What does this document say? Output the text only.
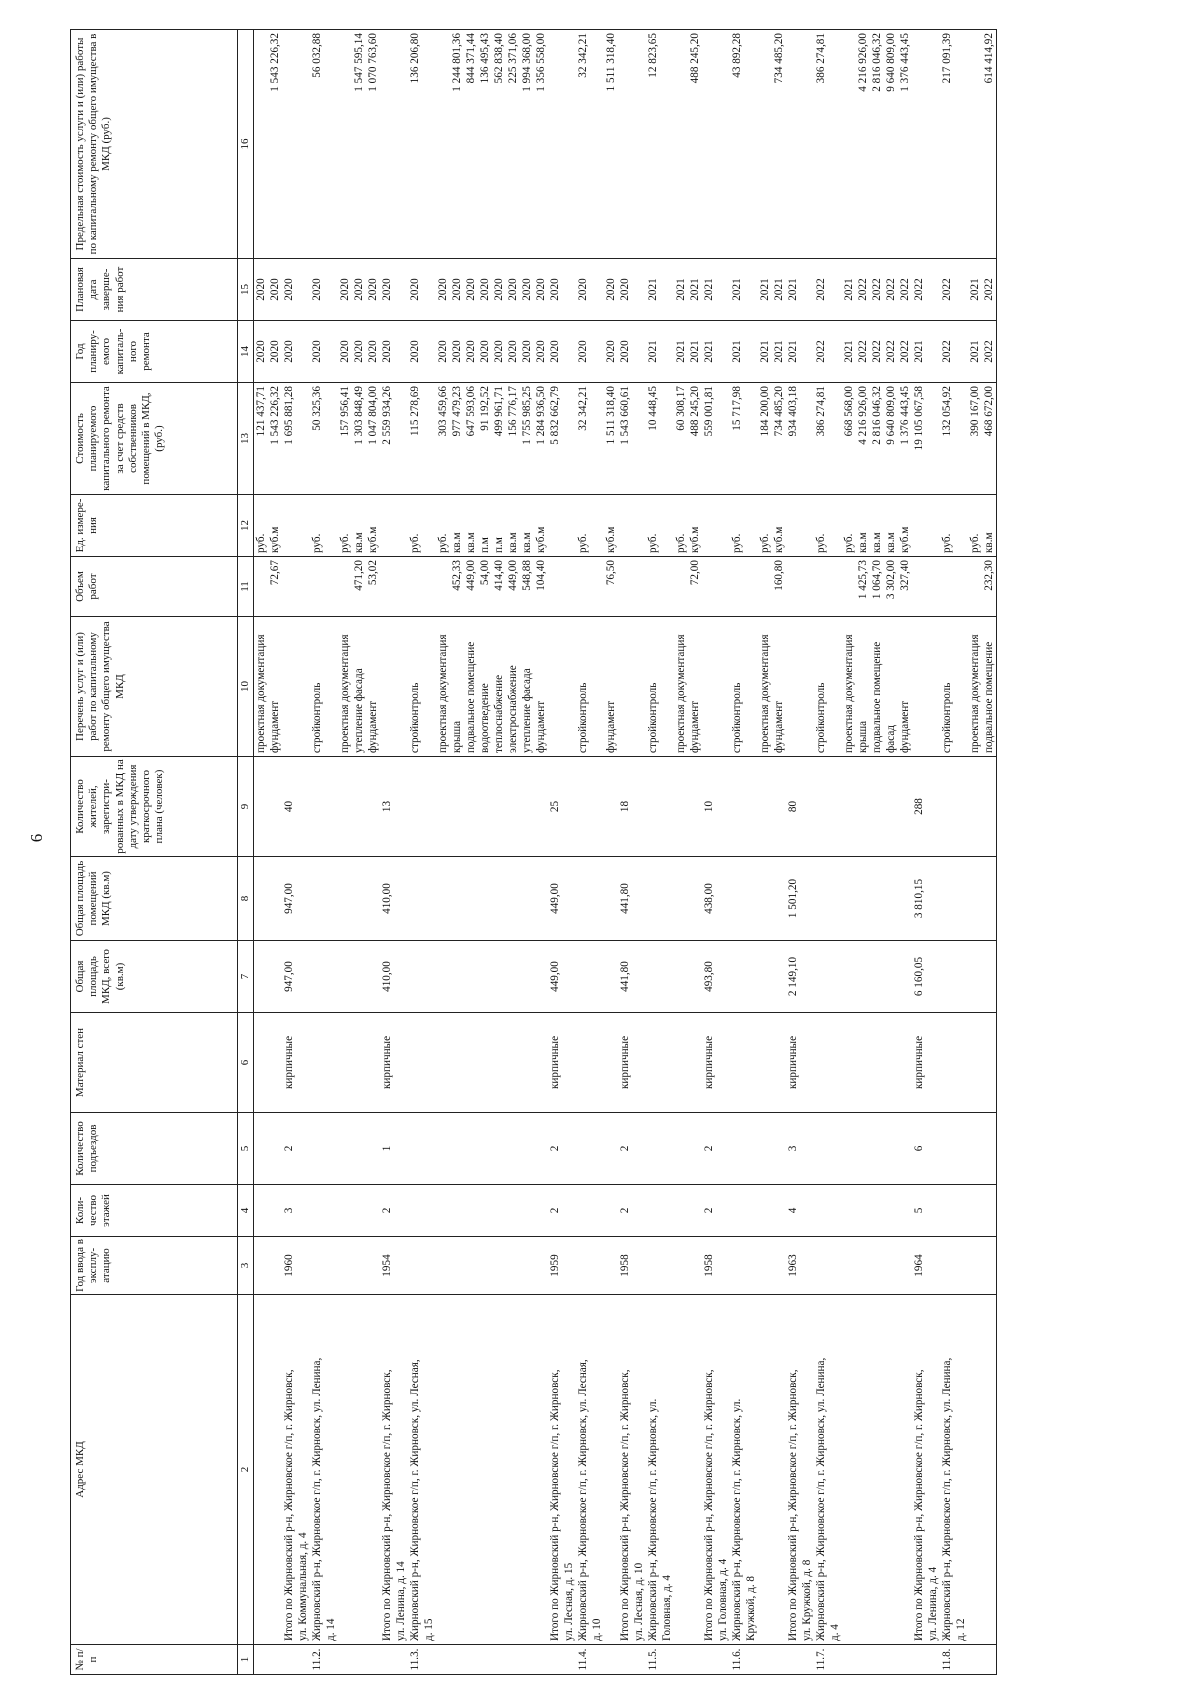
6
№ п/п	Адрес МКД	Год ввода в эксплу-атацию	Коли-чество этажей	Количество подъездов	Материал стен	Общая площадь МКД, всего (кв.м)	Общая площадь помещений МКД (кв.м)	Количество жителей, зарегистри-рованных в МКД на дату утверждения краткосрочного плана (человек)	Перечень услуг и (или) работ по капитальному ремонту общего имущества МКД	Объем работ	Ед. измере-ния	Стоимость планируемого капитального ремонта за счет средств собственников помещений в МКД, (руб.)	Год планиру-емого капиталь-ного ремонта	Плановая дата заверше-ния работ	Предельная стоимость услуги и (или) работы по капитальному ремонту общего имущества в МКД (руб.)
1	2	3	4	5	6	7	8	9	10	11	12	13	14	15	16
									проектная документация		руб.	121 437,71	2020	2020	
									фундамент	72,67	куб.м	1 543 226,32	2020	2020	1 543 226,32
	Итого по Жирновский р-н, Жирновское г/п, г. Жирновск,	1960	3	2	кирпичные	947,00	947,00	40				1 695 881,28	2020	2020	
	ул. Коммунальная, д. 4														
11.2.	Жирновский р-н, Жирновское г/п, г. Жирновск, ул. Ленина,								стройконтроль		руб.	50 325,36	2020	2020	56 032,88
	д. 14														
									проектная документация		руб.	157 956,41	2020	2020	
									утепление фасада	471,20	кв.м	1 303 848,49	2020	2020	1 547 595,14
									фундамент	53,02	куб.м	1 047 804,00	2020	2020	1 070 763,60
	Итого по Жирновский р-н, Жирновское г/п, г. Жирновск,	1954	2	1	кирпичные	410,00	410,00	13				2 559 934,26	2020	2020	
	ул. Ленина, д. 14														
11.3.	Жирновский р-н, Жирновское г/п, г. Жирновск, ул. Лесная,								стройконтроль		руб.	115 278,69	2020	2020	136 206,80
	д. 15														
									проектная документация		руб.	303 459,66	2020	2020	
									крыша	452,33	кв.м	977 479,23	2020	2020	1 244 801,36
									подвальное помещение	449,00	кв.м	647 593,06	2020	2020	844 371,44
									водоотведение	54,00	п.м	91 192,52	2020	2020	136 495,43
									теплоснабжение	414,40	п.м	499 961,71	2020	2020	562 838,40
									электроснабжение	449,00	кв.м	156 776,17	2020	2020	225 371,06
									утепление фасада	548,88	кв.м	1 755 985,25	2020	2020	1 994 368,00
									фундамент	104,40	куб.м	1 284 936,50	2020	2020	1 356 558,00
	Итого по Жирновский р-н, Жирновское г/п, г. Жирновск,	1959	2	2	кирпичные	449,00	449,00	25				5 832 662,79	2020	2020	
	ул. Лесная, д. 15														
11.4.	Жирновский р-н, Жирновское г/п, г. Жирновск, ул. Лесная,								стройконтроль		руб.	32 342,21	2020	2020	32 342,21
	д. 10														
									фундамент	76,50	куб.м	1 511 318,40	2020	2020	1 511 318,40
	Итого по Жирновский р-н, Жирновское г/п, г. Жирновск,	1958	2	2	кирпичные	441,80	441,80	18				1 543 660,61	2020	2020	
	ул. Лесная, д. 10														
11.5.	Жирновский р-н, Жирновское г/п, г. Жирновск, ул.								стройконтроль		руб.	10 448,45	2021	2021	12 823,65
	Головная, д. 4														
									проектная документация		руб.	60 308,17	2021	2021	
									фундамент	72,00	куб.м	488 245,20	2021	2021	488 245,20
	Итого по Жирновский р-н, Жирновское г/п, г. Жирновск,	1958	2	2	кирпичные	493,80	438,00	10				559 001,81	2021	2021	
	ул. Головная, д. 4														
11.6.	Жирновский р-н, Жирновское г/п, г. Жирновск, ул.								стройконтроль		руб.	15 717,98	2021	2021	43 892,28
	Кружкой, д. 8														
									проектная документация		руб.	184 200,00	2021	2021	
									фундамент	160,80	куб.м	734 485,20	2021	2021	734 485,20
	Итого по Жирновский р-н, Жирновское г/п, г. Жирновск,	1963	4	3	кирпичные	2 149,10	1 501,20	80				934 403,18	2021	2021	
	ул. Кружкой, д. 8														
11.7.	Жирновский р-н, Жирновское г/п, г. Жирновск, ул. Ленина,								стройконтроль		руб.	386 274,81	2022	2022	386 274,81
	д. 4														
									проектная документация		руб.	668 568,00	2021	2021	
									крыша	1 425,73	кв.м	4 216 926,00	2022	2022	4 216 926,00
									подвальное помещение	1 064,70	кв.м	2 816 046,32	2022	2022	2 816 046,32
									фасад	3 302,00	кв.м	9 640 809,00	2022	2022	9 640 809,00
									фундамент	327,40	куб.м	1 376 443,45	2022	2022	1 376 443,45
	Итого по Жирновский р-н, Жирновское г/п, г. Жирновск,	1964	5	6	кирпичные	6 160,05	3 810,15	288				19 105 067,58	2021	2022	
	ул. Ленина, д. 4														
11.8.	Жирновский р-н, Жирновское г/п, г. Жирновск, ул. Ленина,								стройконтроль		руб.	132 054,92	2022	2022	217 091,39
	д. 12														
									проектная документация		руб.	390 167,00	2021	2021	
									подвальное помещение	232,30	кв.м	468 672,00	2022	2022	614 414,92
